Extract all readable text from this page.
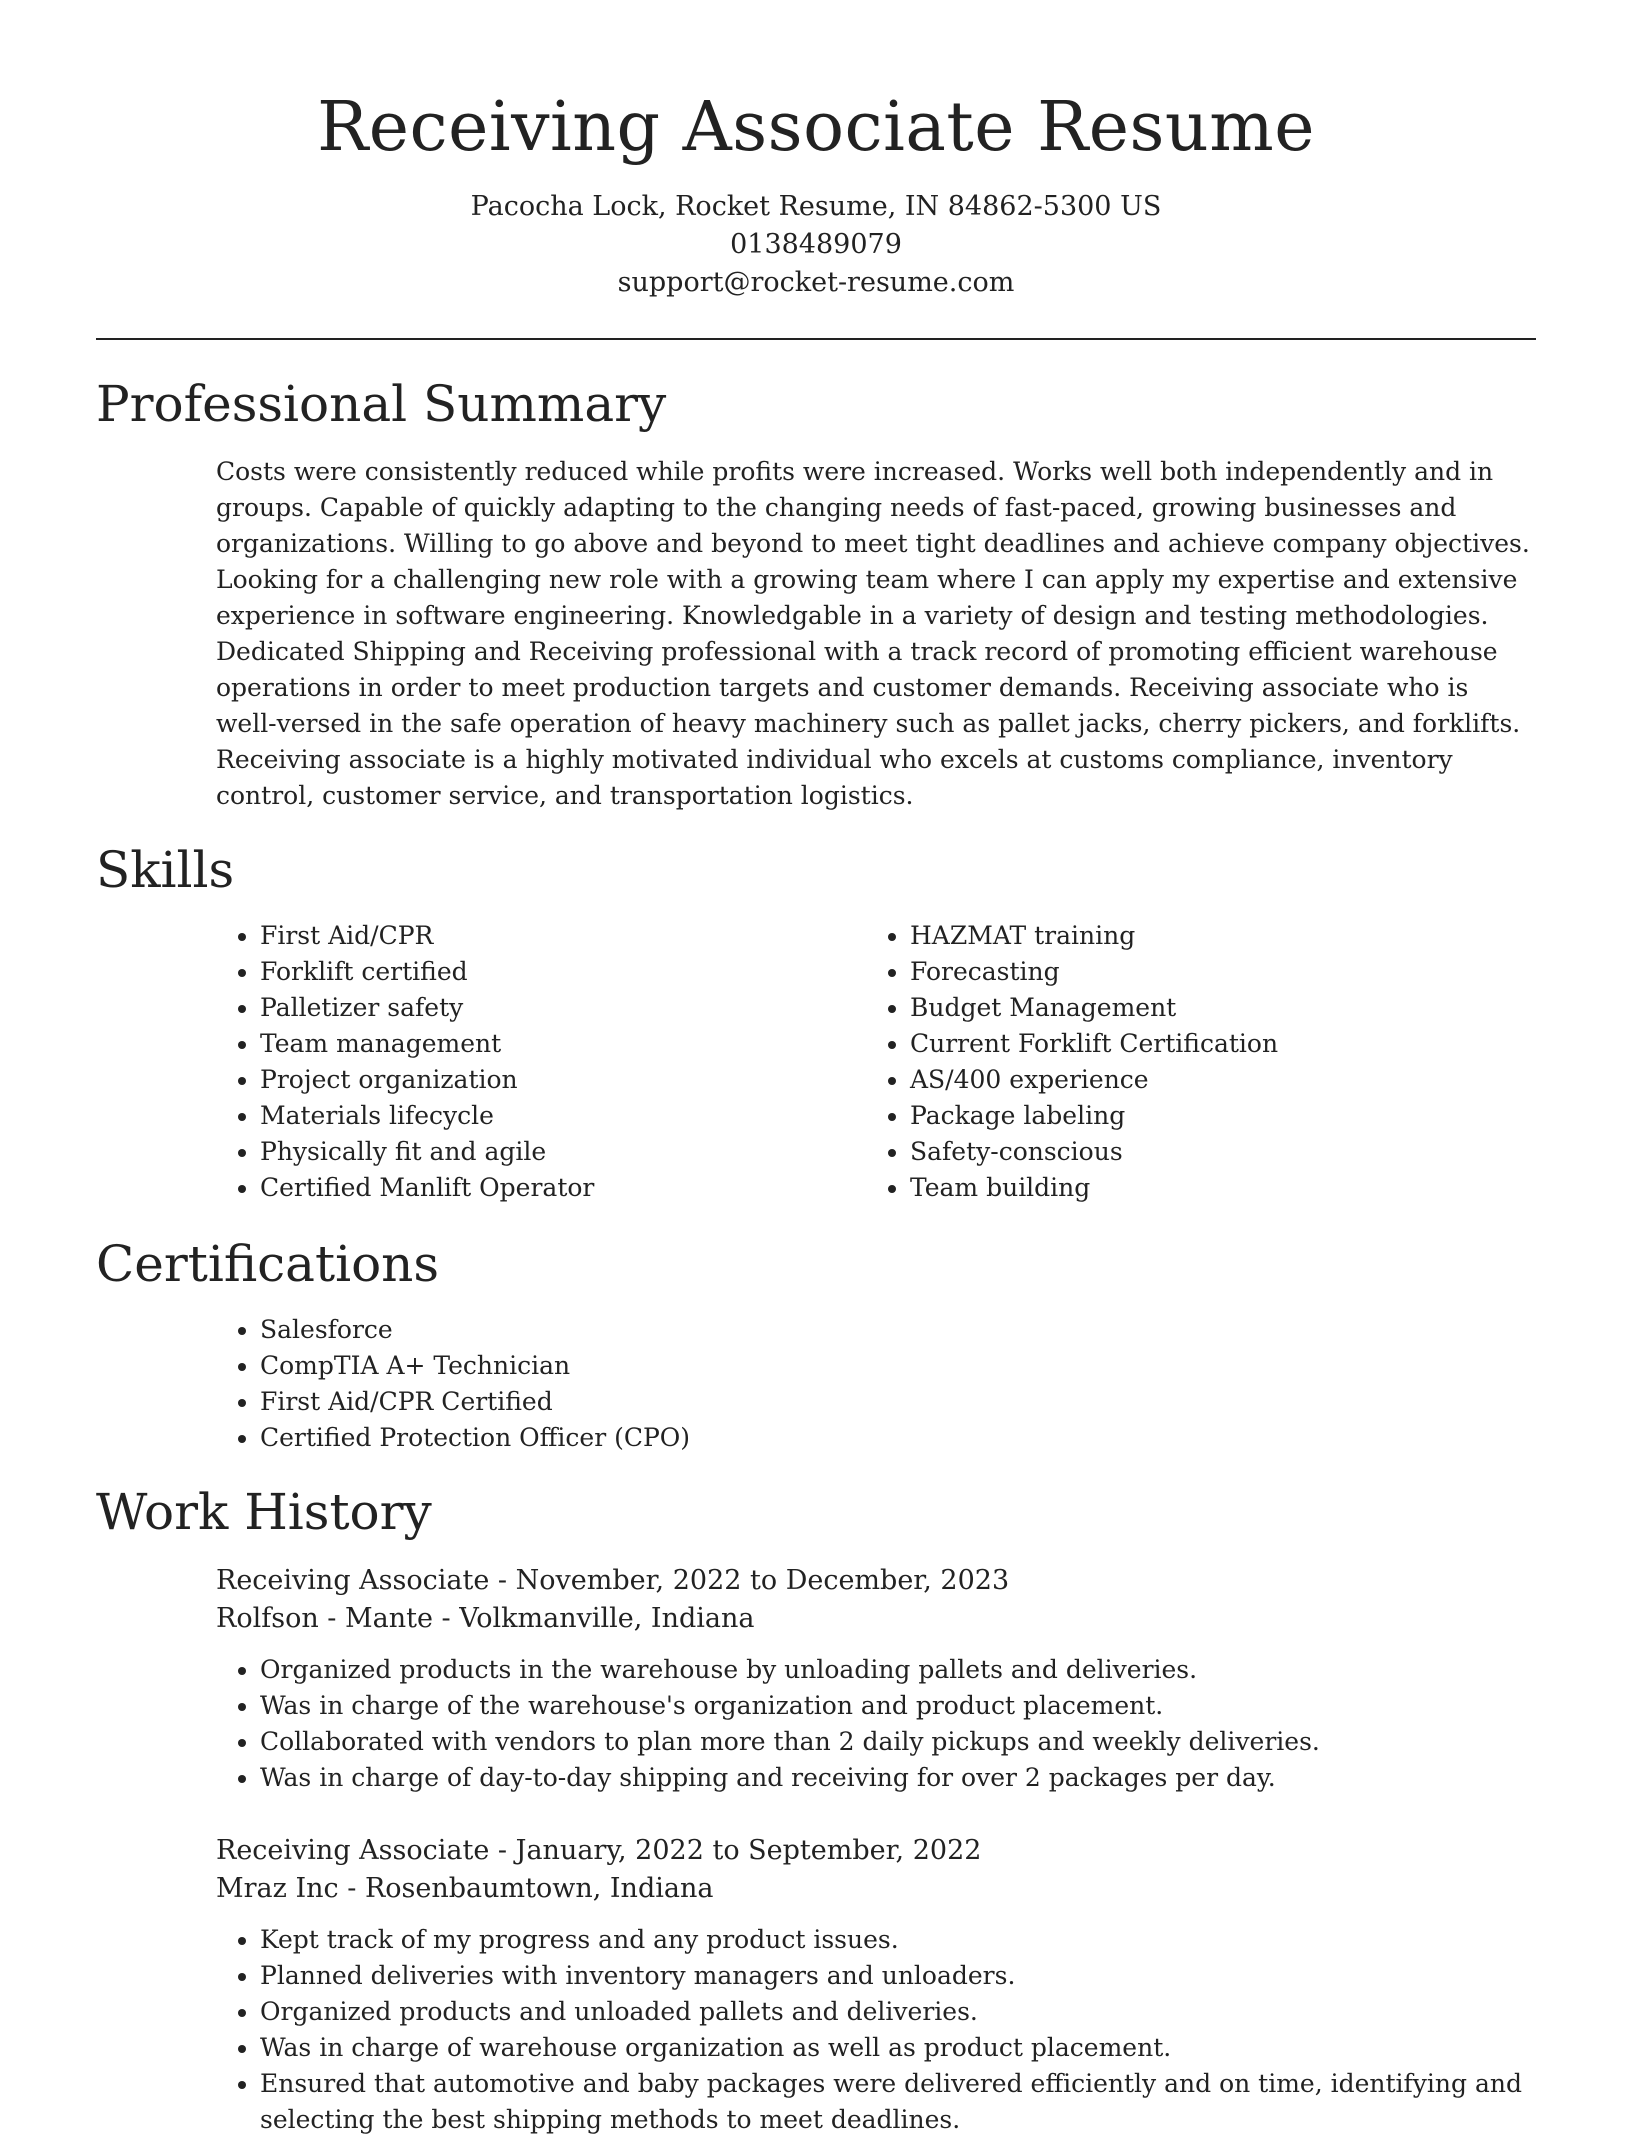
Receiving Associate Resume
Pacocha Lock, Rocket Resume, IN 84862-5300 US
0138489079
support@rocket-resume.com
Professional Summary

Costs were consistently reduced while profits were increased. Works well both independently and in groups. Capable of quickly adapting to the changing needs of fast-paced, growing businesses and organizations. Willing to go above and beyond to meet tight deadlines and achieve company objectives. Looking for a challenging new role with a growing team where I can apply my expertise and extensive experience in software engineering. Knowledgable in a variety of design and testing methodologies. Dedicated Shipping and Receiving professional with a track record of promoting efficient warehouse operations in order to meet production targets and customer demands. Receiving associate who is well-versed in the safe operation of heavy machinery such as pallet jacks, cherry pickers, and forklifts. Receiving associate is a highly motivated individual who excels at customs compliance, inventory control, customer service, and transportation logistics.

Skills
• First Aid/CPR
• Forklift certified
• Palletizer safety
• Team management
• Project organization
• Materials lifecycle
• Physically fit and agile
• Certified Manlift Operator
• HAZMAT training
• Forecasting
• Budget Management
• Current Forklift Certification
• AS/400 experience
• Package labeling
• Safety-conscious
• Team building
Certifications
• Salesforce
• CompTIA A+ Technician
• First Aid/CPR Certified
• Certified Protection Officer (CPO)
Work History
Receiving Associate - November, 2022 to December, 2023
Rolfson - Mante - Volkmanville, Indiana
• Organized products in the warehouse by unloading pallets and deliveries.
• Was in charge of the warehouse's organization and product placement.
• Collaborated with vendors to plan more than 2 daily pickups and weekly deliveries.
• Was in charge of day-to-day shipping and receiving for over 2 packages per day.
Receiving Associate - January, 2022 to September, 2022
Mraz Inc - Rosenbaumtown, Indiana
• Kept track of my progress and any product issues.
• Planned deliveries with inventory managers and unloaders.
• Organized products and unloaded pallets and deliveries.
• Was in charge of warehouse organization as well as product placement.
• Ensured that automotive and baby packages were delivered efficiently and on time, identifying and selecting the best shipping methods to meet deadlines.
